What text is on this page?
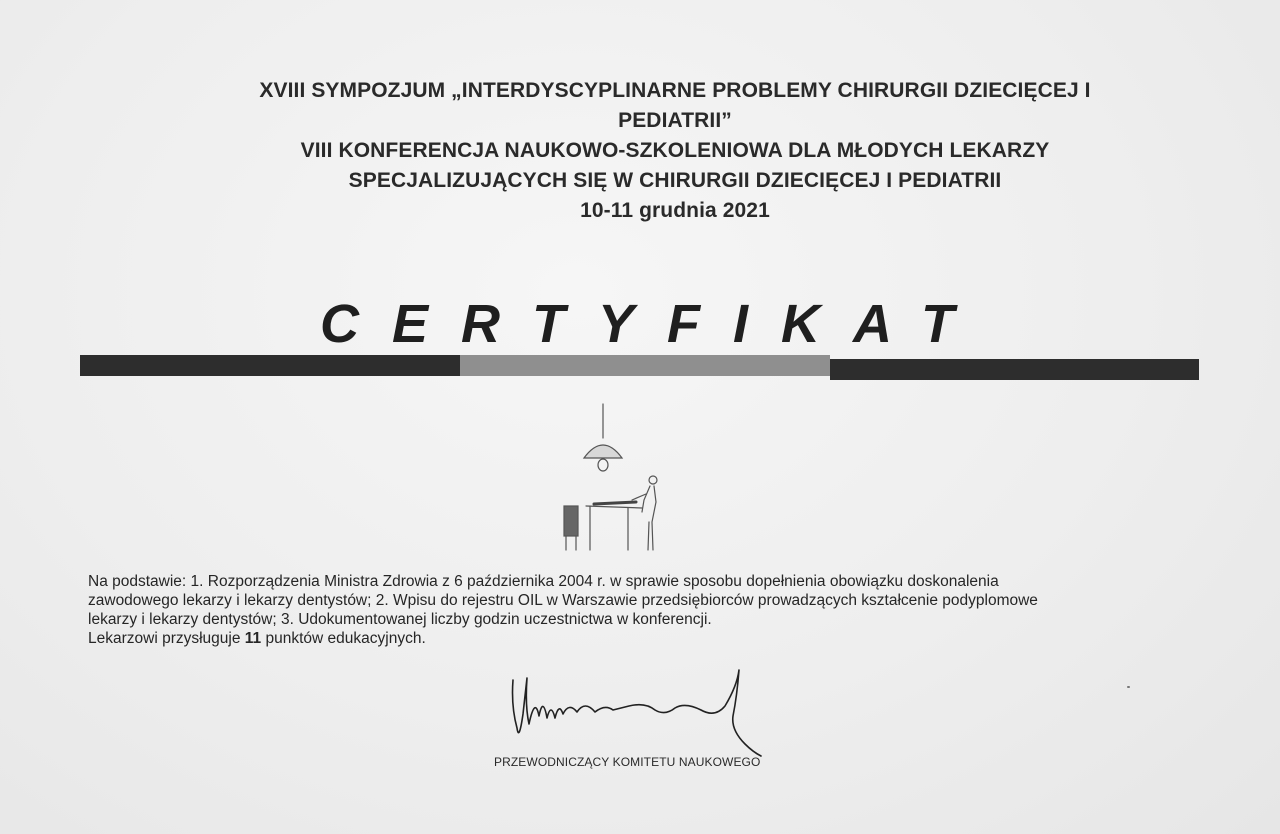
XVIII SYMPOZJUM „INTERDYSCYPLINARNE PROBLEMY CHIRURGII DZIECIĘCEJ I
PEDIATRII”
VIII KONFERENCJA NAUKOWO-SZKOLENIOWA DLA MŁODYCH LEKARZY
SPECJALIZUJĄCYCH SIĘ W CHIRURGII DZIECIĘCEJ I PEDIATRII
10-11 grudnia 2021
CERTYFIKAT
Na podstawie: 1. Rozporządzenia Ministra Zdrowia z 6 października 2004 r. w sprawie sposobu dopełnienia obowiązku doskonalenia
zawodowego lekarzy i lekarzy dentystów; 2. Wpisu do rejestru OIL w Warszawie przedsiębiorców prowadzących kształcenie podyplomowe
lekarzy i lekarzy dentystów; 3. Udokumentowanej liczby godzin uczestnictwa w konferencji.
Lekarzowi przysługuje 11 punktów edukacyjnych.
PRZEWODNICZĄCY KOMITETU NAUKOWEGO
